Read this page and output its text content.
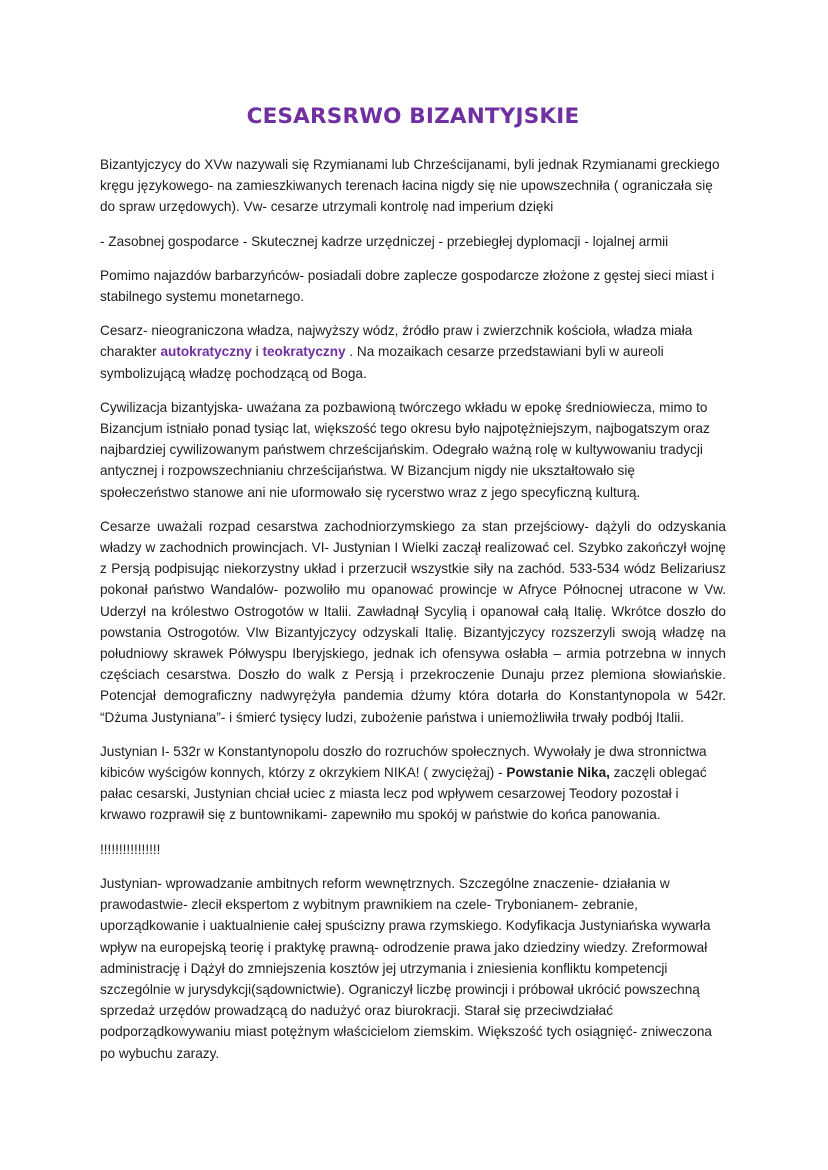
CESARSRWO BIZANTYJSKIE

Bizantyjczycy do XVw nazywali się Rzymianami lub Chrześcijanami, byli jednak Rzymianami greckiego kręgu językowego- na zamieszkiwanych terenach łacina nigdy się nie upowszechniła ( ograniczała się do spraw urzędowych). Vw- cesarze utrzymali kontrolę nad imperium dzięki

- Zasobnej gospodarce - Skutecznej kadrze urzędniczej - przebiegłej dyplomacji - lojalnej armii

Pomimo najazdów barbarzyńców- posiadali dobre zaplecze gospodarcze złożone z gęstej sieci miast i stabilnego systemu monetarnego.

Cesarz- nieograniczona władza, najwyższy wódz, źródło praw i zwierzchnik kościoła, władza miała charakter autokratyczny i teokratyczny . Na mozaikach cesarze przedstawiani byli w aureoli symbolizującą władzę pochodzącą od Boga.

Cywilizacja bizantyjska- uważana za pozbawioną twórczego wkładu w epokę średniowiecza, mimo to Bizancjum istniało ponad tysiąc lat, większość tego okresu było najpotężniejszym, najbogatszym oraz najbardziej cywilizowanym państwem chrześcijańskim. Odegrało ważną rolę w kultywowaniu tradycji antycznej i rozpowszechnianiu chrześcijaństwa. W Bizancjum nigdy nie ukształtowało się społeczeństwo stanowe ani nie uformowało się rycerstwo wraz z jego specyficzną kulturą.

Cesarze uważali rozpad cesarstwa zachodniorzymskiego za stan przejściowy- dążyli do odzyskania władzy w zachodnich prowincjach. VI- Justynian I Wielki zaczął realizować cel. Szybko zakończył wojnę z Persją podpisując niekorzystny układ i przerzucił wszystkie siły na zachód. 533-534 wódz Belizariusz pokonał państwo Wandalów- pozwoliło mu opanować prowincje w Afryce Północnej utracone w Vw. Uderzył na królestwo Ostrogotów w Italii. Zawładnął Sycylią i opanował całą Italię. Wkrótce doszło do powstania Ostrogotów. VIw Bizantyjczycy odzyskali Italię. Bizantyjczycy rozszerzyli swoją władzę na południowy skrawek Półwyspu Iberyjskiego, jednak ich ofensywa osłabła – armia potrzebna w innych częściach cesarstwa. Doszło do walk z Persją i przekroczenie Dunaju przez plemiona słowiańskie. Potencjał demograficzny nadwyrężyła pandemia dżumy która dotarła do Konstantynopola w 542r. “Dżuma Justyniana”- i śmierć tysięcy ludzi, zubożenie państwa i uniemożliwiła trwały podbój Italii.

Justynian I- 532r w Konstantynopolu doszło do rozruchów społecznych. Wywołały je dwa stronnictwa kibiców wyścigów konnych, którzy z okrzykiem NIKA! ( zwyciężaj) - Powstanie Nika, zaczęli oblegać pałac cesarski, Justynian chciał uciec z miasta lecz pod wpływem cesarzowej Teodory pozostał i krwawo rozprawił się z buntownikami- zapewniło mu spokój w państwie do końca panowania.

!!!!!!!!!!!!!!!!

Justynian- wprowadzanie ambitnych reform wewnętrznych. Szczególne znaczenie- działania w prawodastwie- zlecił ekspertom z wybitnym prawnikiem na czele- Trybonianem- zebranie, uporządkowanie i uaktualnienie całej spuścizny prawa rzymskiego. Kodyfikacja Justyniańska wywarła wpływ na europejską teorię i praktykę prawną- odrodzenie prawa jako dziedziny wiedzy. Zreformował administrację i Dążył do zmniejszenia kosztów jej utrzymania i zniesienia konfliktu kompetencji szczególnie w jurysdykcji(sądownictwie). Ograniczył liczbę prowincji i próbował ukrócić powszechną sprzedaż urzędów prowadzącą do nadużyć oraz biurokracji. Starał się przeciwdziałać podporządkowywaniu miast potężnym właścicielom ziemskim. Większość tych osiągnięć- zniweczona po wybuchu zarazy.
